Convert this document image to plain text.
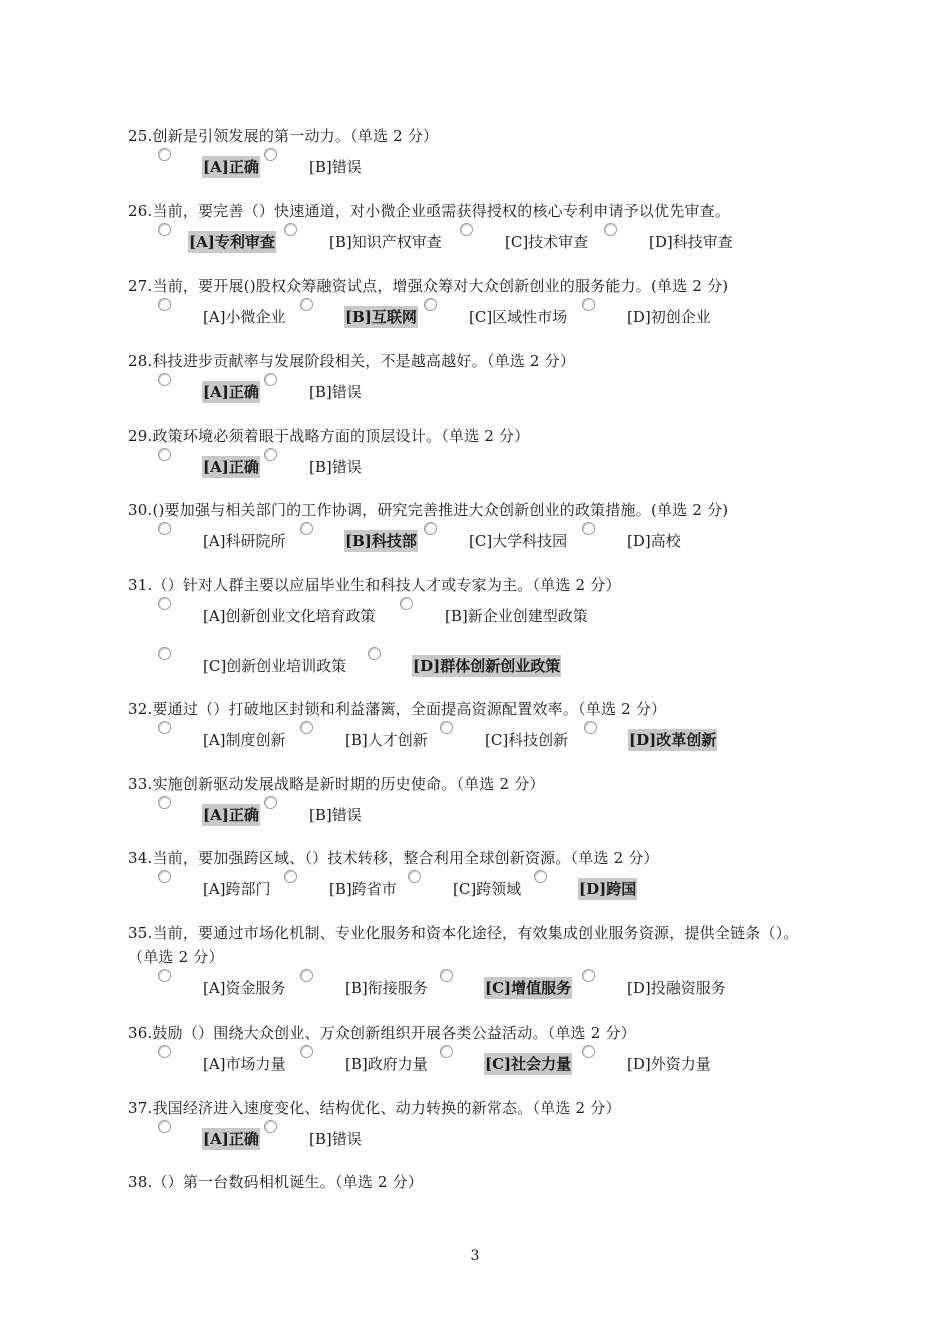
25.创新是引领发展的第一动力。（单选 2 分）
[A]正确	[B]错误
26.当前，要完善（）快速通道，对小微企业亟需获得授权的核心专利申请予以优先审查。
[A]专利审查	[B]知识产权审查	[C]技术审查	[D]科技审查
27.当前，要开展()股权众筹融资试点，增强众筹对大众创新创业的服务能力。(单选 2 分)
[A]小微企业	[B]互联网	[C]区域性市场	[D]初创企业
28.科技进步贡献率与发展阶段相关，不是越高越好。（单选 2 分）
[A]正确	[B]错误
29.政策环境必须着眼于战略方面的顶层设计。（单选 2 分）
[A]正确	[B]错误
30.()要加强与相关部门的工作协调，研究完善推进大众创新创业的政策措施。(单选 2 分)
[A]科研院所	[B]科技部	[C]大学科技园	[D]高校
31.（）针对人群主要以应届毕业生和科技人才或专家为主。（单选 2 分）
[A]创新创业文化培育政策	[B]新企业创建型政策
[C]创新创业培训政策	[D]群体创新创业政策
32.要通过（）打破地区封锁和利益藩篱，全面提高资源配置效率。（单选 2 分）
[A]制度创新	[B]人才创新	[C]科技创新	[D]改革创新
33.实施创新驱动发展战略是新时期的历史使命。（单选 2 分）
[A]正确	[B]错误
34.当前，要加强跨区域、（）技术转移，整合利用全球创新资源。（单选 2 分）
[A]跨部门	[B]跨省市	[C]跨领域	[D]跨国
35.当前，要通过市场化机制、专业化服务和资本化途径，有效集成创业服务资源，提供全链条（）。（单选 2 分）
[A]资金服务	[B]衔接服务	[C]增值服务	[D]投融资服务
36.鼓励（）围绕大众创业、万众创新组织开展各类公益活动。（单选 2 分）
[A]市场力量	[B]政府力量	[C]社会力量	[D]外资力量
37.我国经济进入速度变化、结构优化、动力转换的新常态。（单选 2 分）
[A]正确	[B]错误
38.（）第一台数码相机诞生。（单选 2 分）
3
